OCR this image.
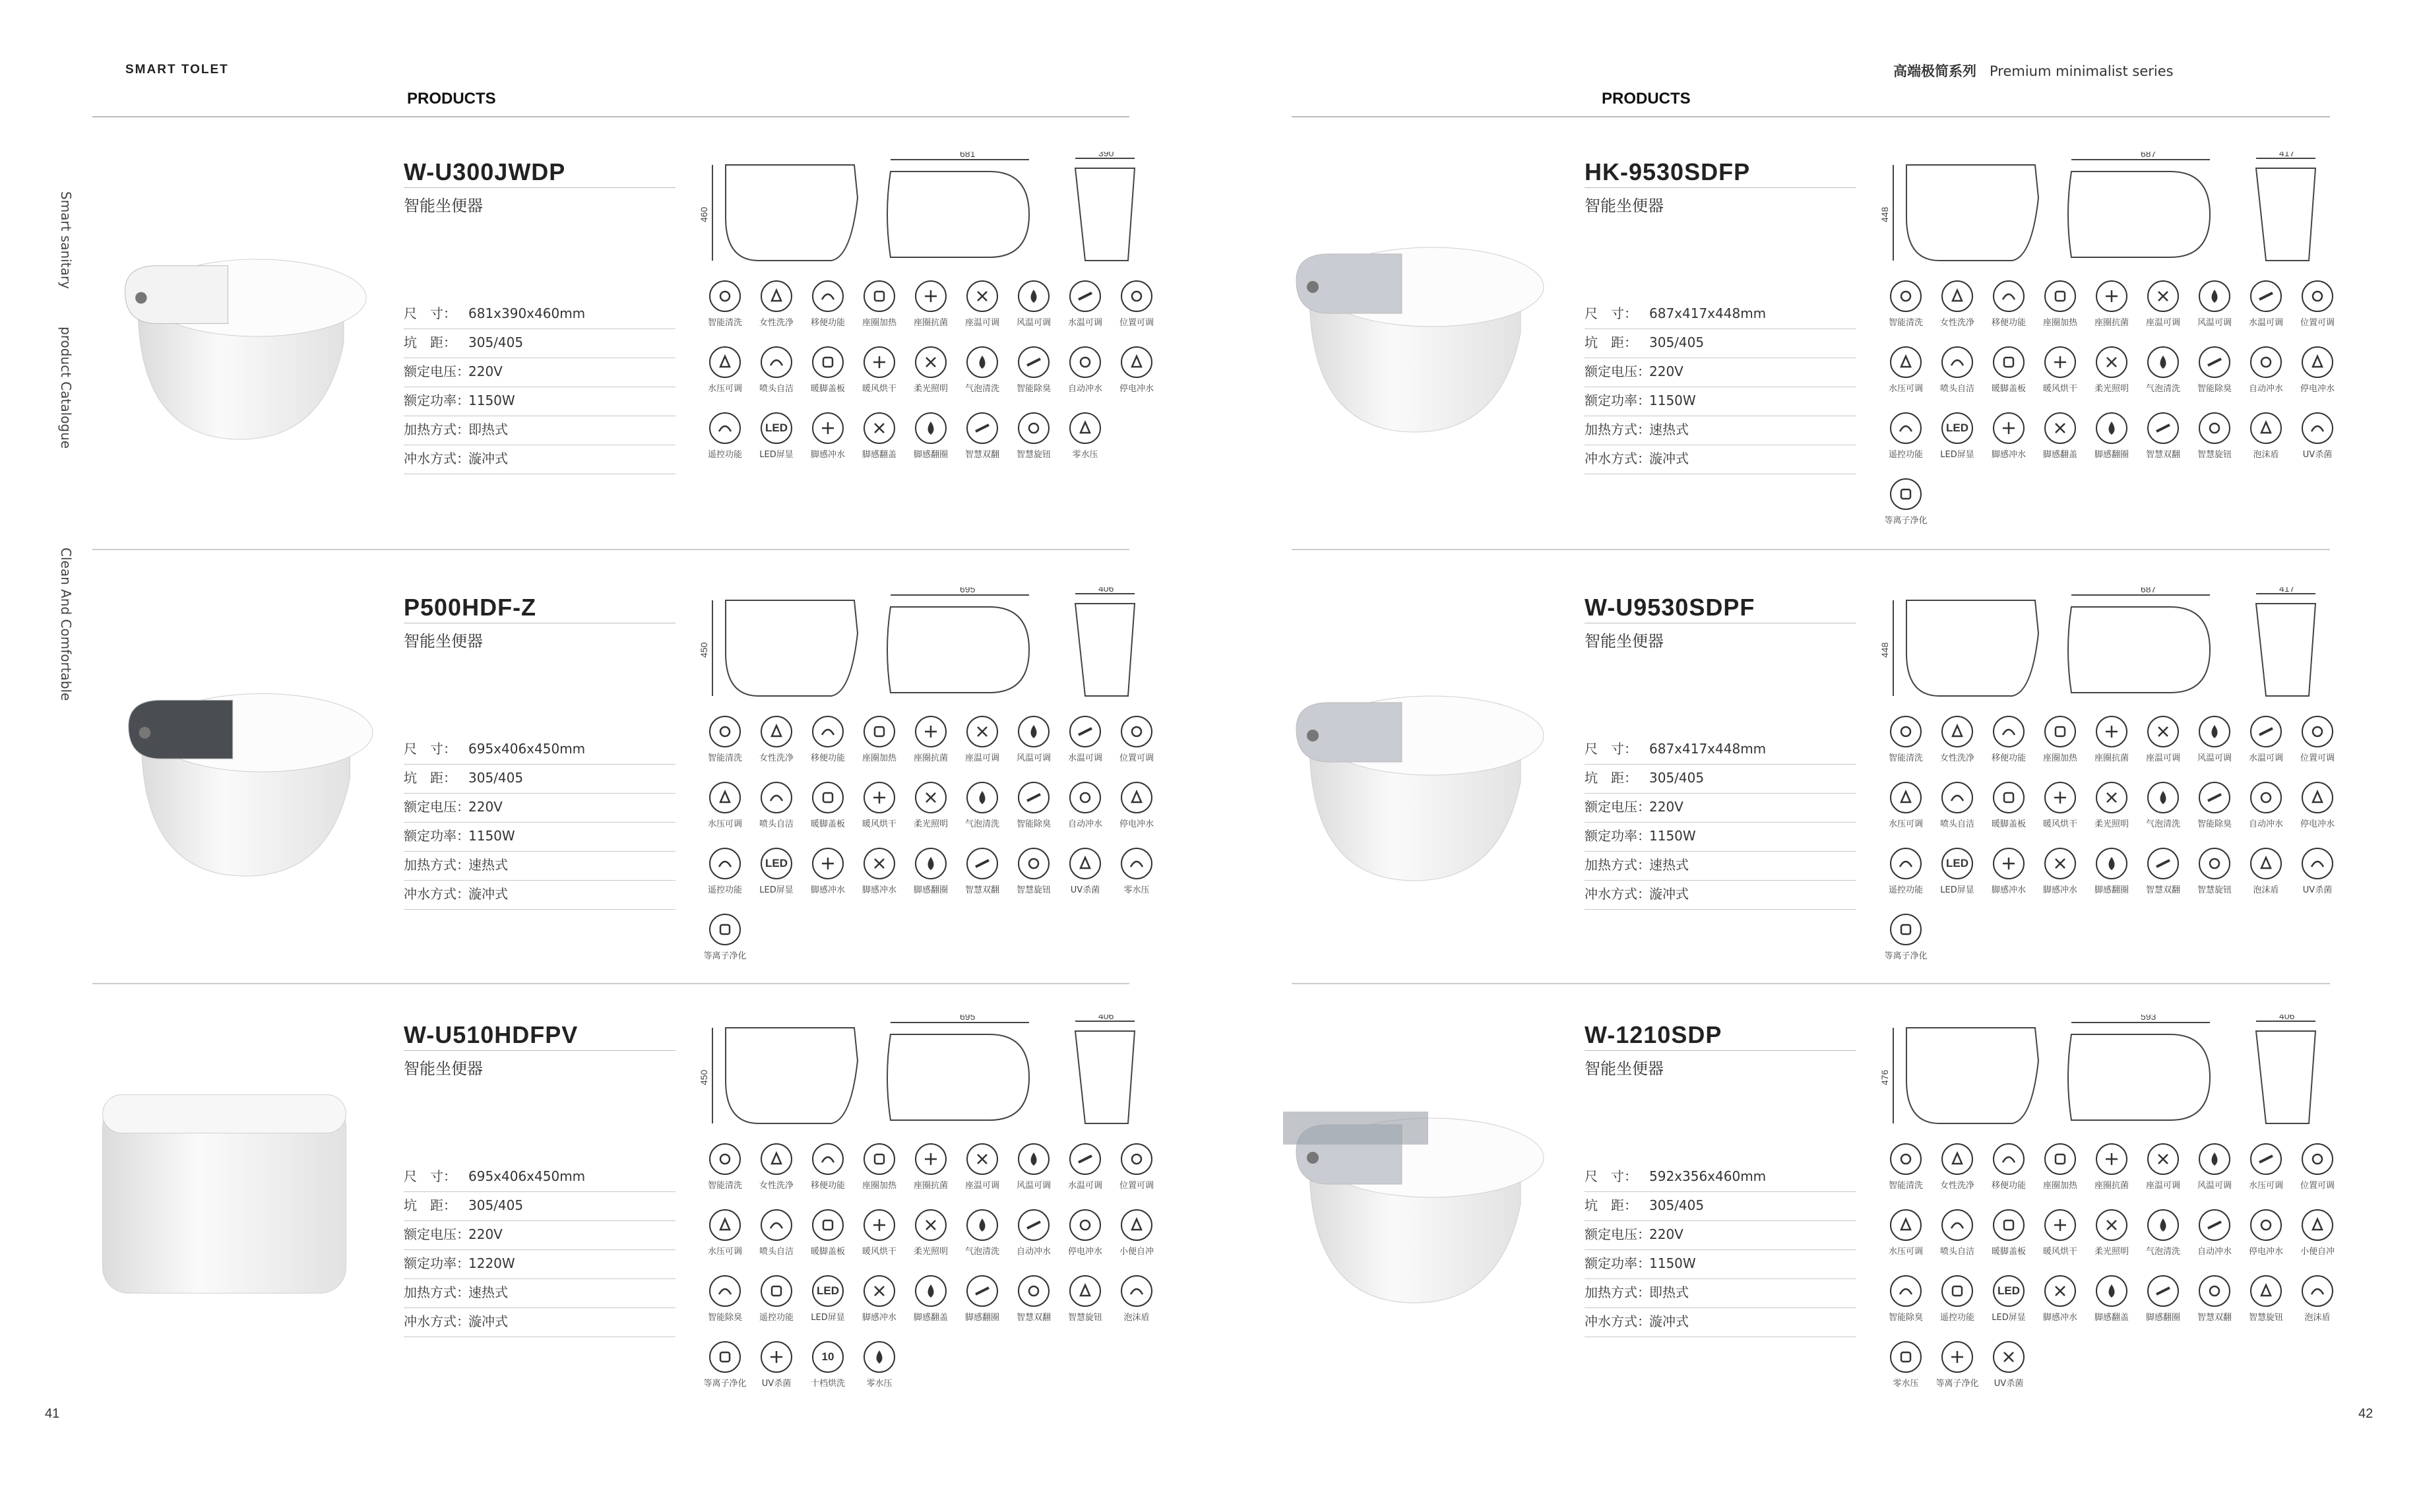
SMART TOLET	高端极简系列 Premium minimalist series
PRODUCTS	PRODUCTS
Smart sanitary
product Catalogue
Clean And Comfortable
41	42
W-U300JWDP
智能坐便器
尺　寸： 681x390x460mm
坑　距： 305/405
额定电压：220V
额定功率：1150W
加热方式：即热式
冲水方式：漩冲式
681	390
460
智能清洗 女性洗净 移便功能 座圈加热 座圈抗菌 座温可调 风温可调 水温可调 位置可调
水压可调 喷头自洁 暖脚盖板 暖风烘干 柔光照明 气泡清洗 智能除臭 自动冲水 停电冲水
遥控功能
LED
LED屏显 脚感冲水 脚感翻盖 脚感翻圈 智慧双翻 智慧旋钮 零水压
P500HDF-Z
智能坐便器
尺　寸： 695x406x450mm
坑　距： 305/405
额定电压：220V
额定功率：1150W
加热方式：速热式
冲水方式：漩冲式
695	406
450
智能清洗 女性洗净 移便功能 座圈加热 座圈抗菌 座温可调 风温可调 水温可调 位置可调
水压可调 喷头自洁 暖脚盖板 暖风烘干 柔光照明 气泡清洗 智能除臭 自动冲水 停电冲水
遥控功能
LED
LED屏显 脚感冲水 脚感冲水 脚感翻圈 智慧双翻 智慧旋钮 UV杀菌	零水压
等离子净化
W-U510HDFPV
智能坐便器
尺　寸： 695x406x450mm
坑　距： 305/405
额定电压：220V
额定功率：1220W
加热方式：速热式
冲水方式：漩冲式
695	406
450
智能清洗 女性洗净 移便功能 座圈加热 座圈抗菌 座温可调 风温可调 水温可调 位置可调
水压可调 喷头自洁 暖脚盖板 暖风烘干 柔光照明 气泡清洗 自动冲水 停电冲水 小便自冲
智能除臭 遥控功能
LED
LED屏显 脚感冲水 脚感翻盖 脚感翻圈 智慧双翻 智慧旋钮 泡沫盾
等离子净化 UV杀菌
10
十档烘洗 零水压
HK-9530SDFP
智能坐便器
尺　寸： 687x417x448mm
坑　距： 305/405
额定电压：220V
额定功率：1150W
加热方式：速热式
冲水方式：漩冲式
687	417
448
智能清洗 女性洗净 移便功能 座圈加热 座圈抗菌 座温可调 风温可调 水温可调 位置可调
水压可调 喷头自洁 暖脚盖板 暖风烘干 柔光照明 气泡清洗 智能除臭 自动冲水 停电冲水
遥控功能
LED
LED屏显 脚感冲水 脚感翻盖 脚感翻圈 智慧双翻 智慧旋钮 泡沫盾	UV杀菌
等离子净化
W-U9530SDPF
智能坐便器
尺　寸： 687x417x448mm
坑　距： 305/405
额定电压：220V
额定功率：1150W
加热方式：速热式
冲水方式：漩冲式
687	417
448
智能清洗 女性洗净 移便功能 座圈加热 座圈抗菌 座温可调 风温可调 水温可调 位置可调
水压可调 喷头自洁 暖脚盖板 暖风烘干 柔光照明 气泡清洗 智能除臭 自动冲水 停电冲水
遥控功能
LED
LED屏显 脚感冲水 脚感冲水 脚感翻圈 智慧双翻 智慧旋钮 泡沫盾	UV杀菌
等离子净化
W-1210SDP
智能坐便器
尺　寸： 592x356x460mm
坑　距： 305/405
额定电压：220V
额定功率：1150W
加热方式：即热式
冲水方式：漩冲式
593	406
476
智能清洗 女性洗净 移便功能 座圈加热 座圈抗菌 座温可调 风温可调 水压可调 位置可调
水压可调 喷头自洁 暖脚盖板 暖风烘干 柔光照明 气泡清洗 自动冲水 停电冲水 小便自冲
智能除臭 遥控功能
LED
LED屏显 脚感冲水 脚感翻盖 脚感翻圈 智慧双翻 智慧旋钮 泡沫盾
零水压 等离子净化 UV杀菌
